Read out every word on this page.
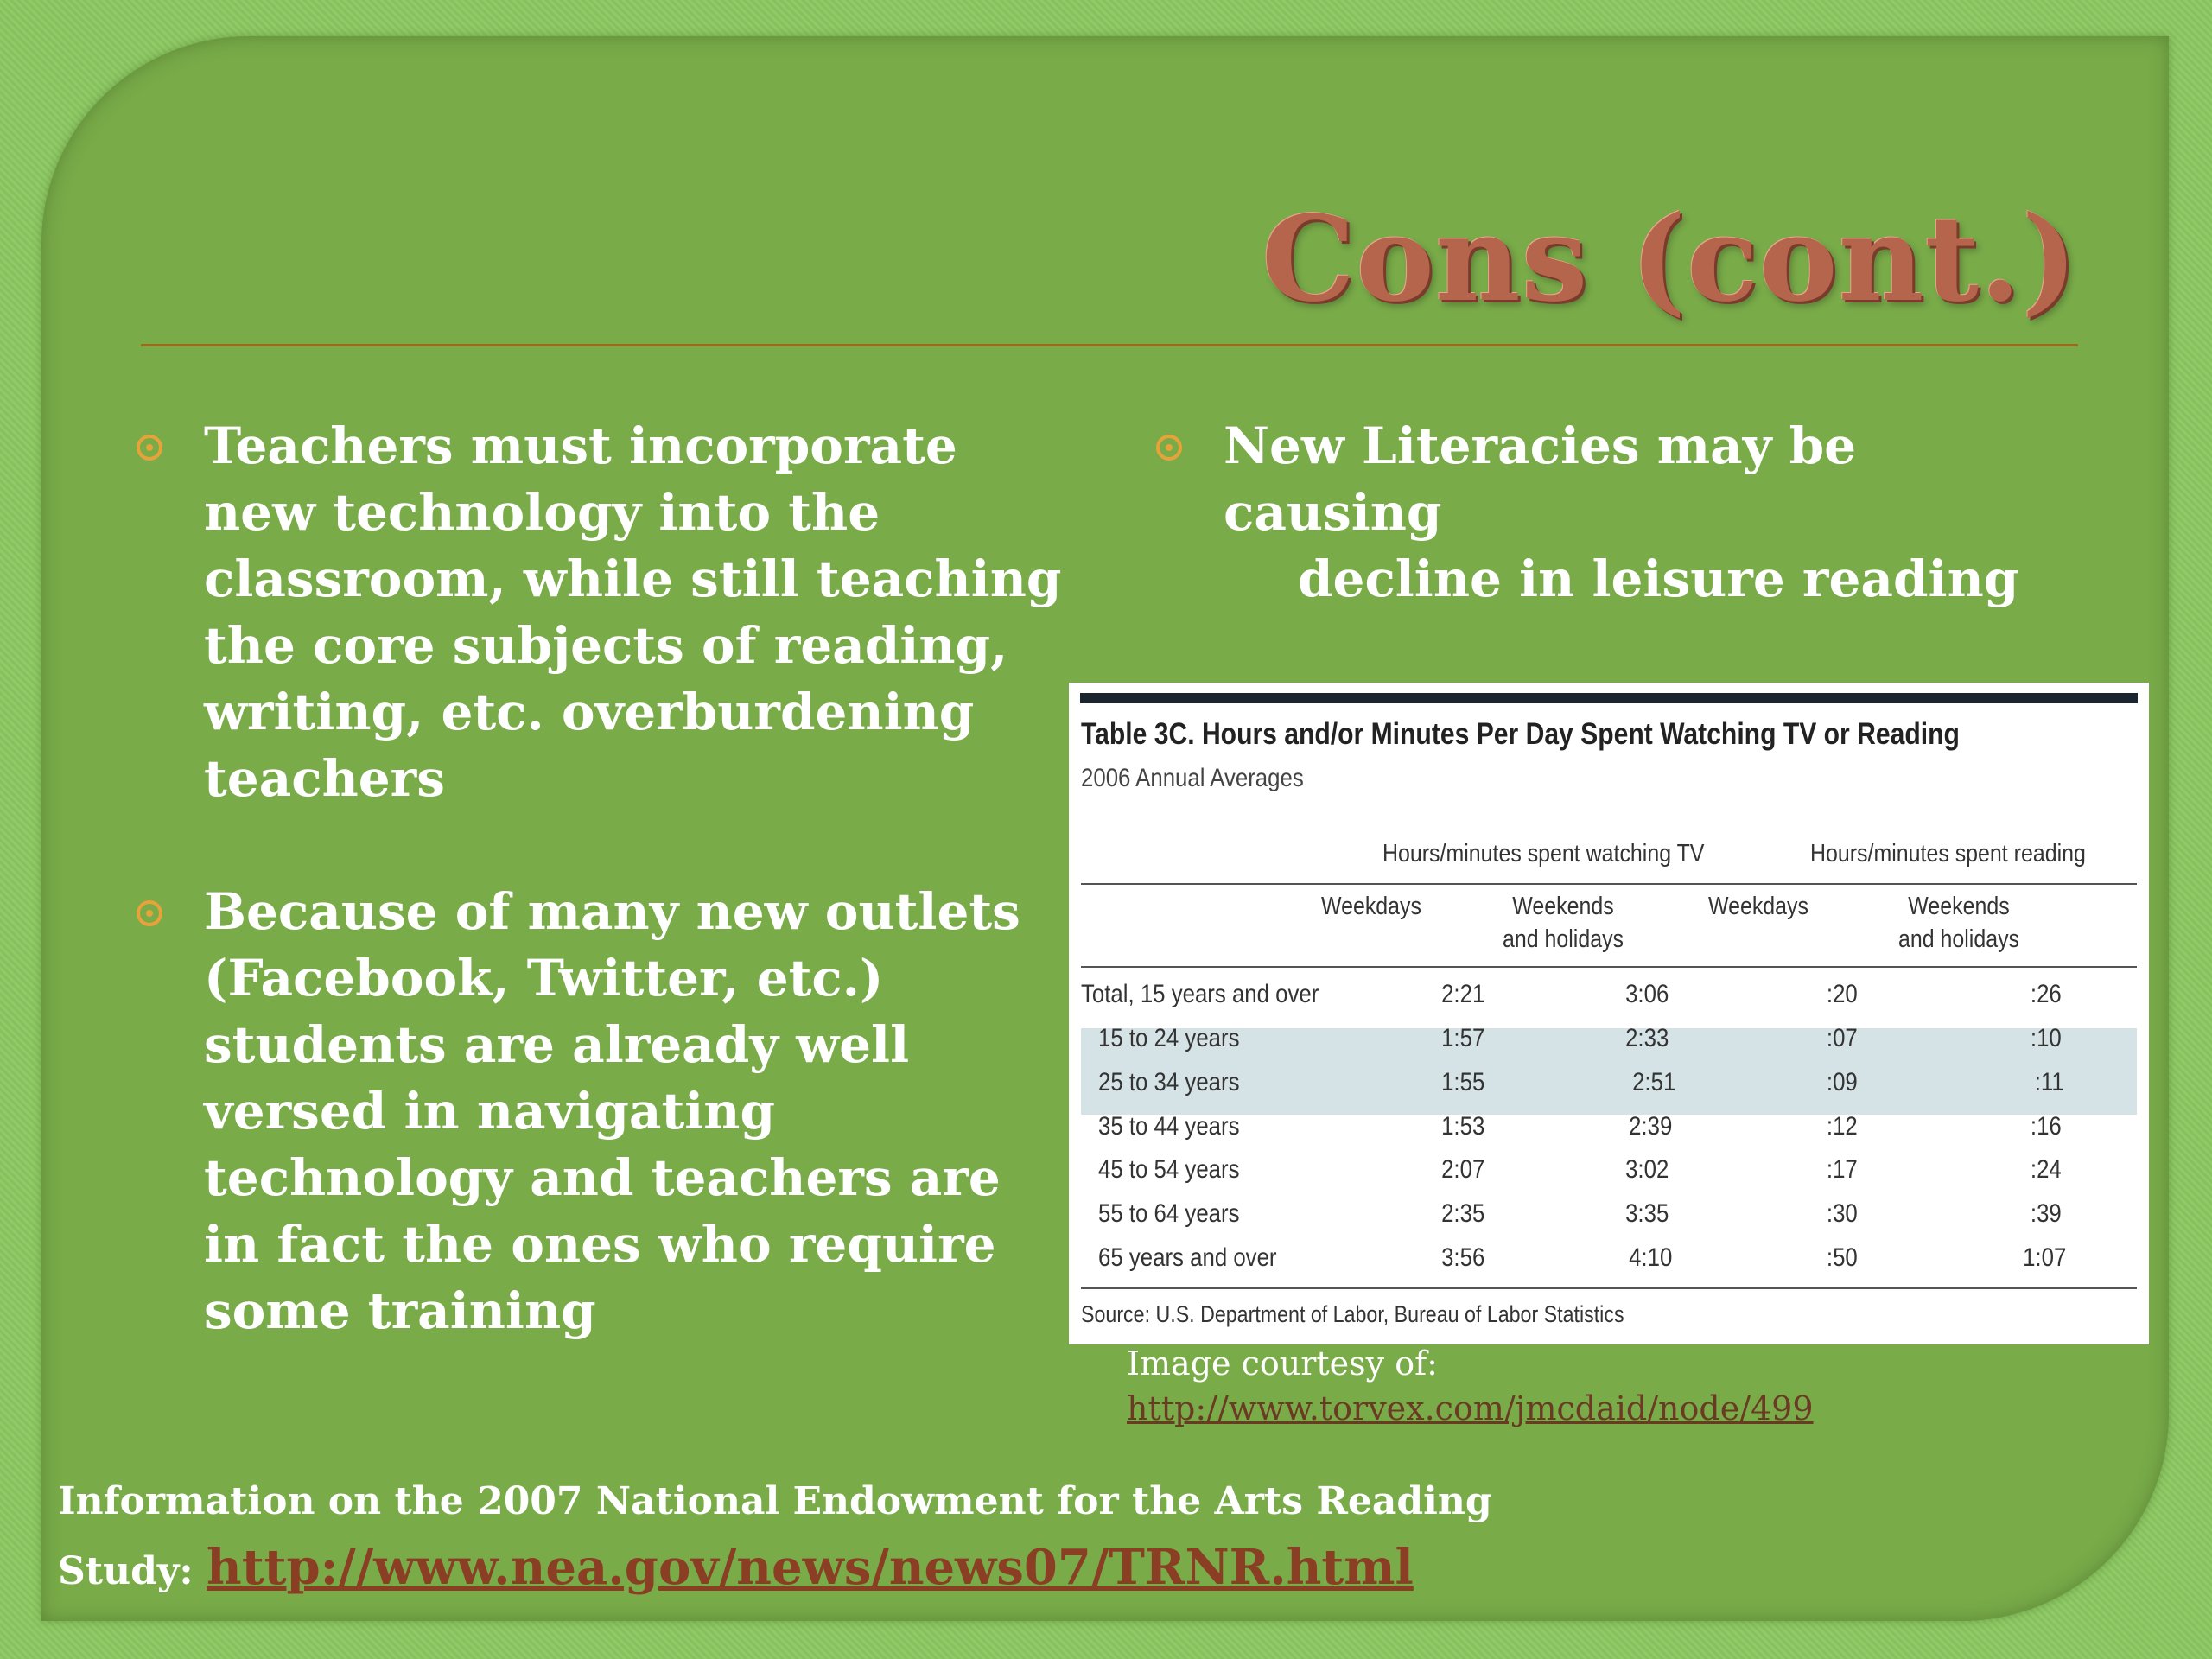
Cons (cont.)
Teachers must incorporate new technology into the classroom, while still teaching the core subjects of reading, writing, etc. overburdening teachers
Because of many new outlets (Facebook, Twitter, etc.) students are already well versed in navigating technology and teachers are in fact the ones who require some training
New Literacies may be causing
decline in leisure reading
Table 3C. Hours and/or Minutes Per Day Spent Watching TV or Reading
2006 Annual Averages
Hours/minutes spent watching TV	Hours/minutes spent reading
Weekdays	Weekends
and holidays
Weekdays	Weekends
and holidays
Total, 15 years and over	2:21	3:06	:20	:26
15 to 24 years	1:57	2:33	:07	:10
25 to 34 years	1:55	2:51	:09	:11
35 to 44 years	1:53	2:39	:12	:16
45 to 54 years	2:07	3:02	:17	:24
55 to 64 years	2:35	3:35	:30	:39
65 years and over	3:56	4:10	:50	1:07
Source: U.S. Department of Labor, Bureau of Labor Statistics
Image courtesy of:
http://www.torvex.com/jmcdaid/node/499
Information on the 2007 National Endowment for the Arts Reading
Study: http://www.nea.gov/news/news07/TRNR.html
